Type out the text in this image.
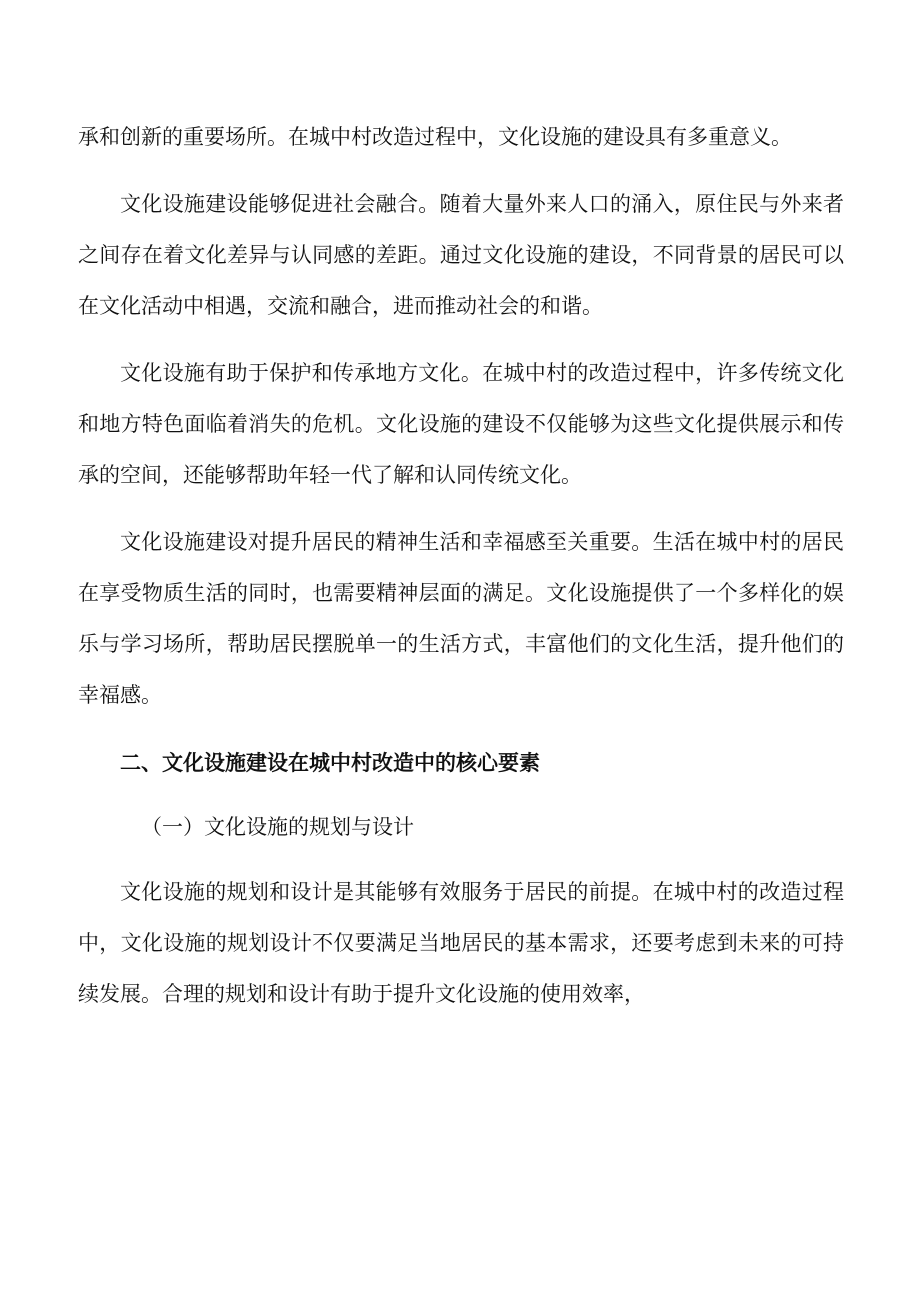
承和创新的重要场所。在城中村改造过程中，文化设施的建设具有多重意义。

文化设施建设能够促进社会融合。随着大量外来人口的涌入，原住民与外来者之间存在着文化差异与认同感的差距。通过文化设施的建设，不同背景的居民可以在文化活动中相遇，交流和融合，进而推动社会的和谐。

文化设施有助于保护和传承地方文化。在城中村的改造过程中，许多传统文化和地方特色面临着消失的危机。文化设施的建设不仅能够为这些文化提供展示和传承的空间，还能够帮助年轻一代了解和认同传统文化。

文化设施建设对提升居民的精神生活和幸福感至关重要。生活在城中村的居民在享受物质生活的同时，也需要精神层面的满足。文化设施提供了一个多样化的娱乐与学习场所，帮助居民摆脱单一的生活方式，丰富他们的文化生活，提升他们的幸福感。

二、文化设施建设在城中村改造中的核心要素

（一）文化设施的规划与设计

文化设施的规划和设计是其能够有效服务于居民的前提。在城中村的改造过程中，文化设施的规划设计不仅要满足当地居民的基本需求，还要考虑到未来的可持续发展。合理的规划和设计有助于提升文化设施的使用效率，
